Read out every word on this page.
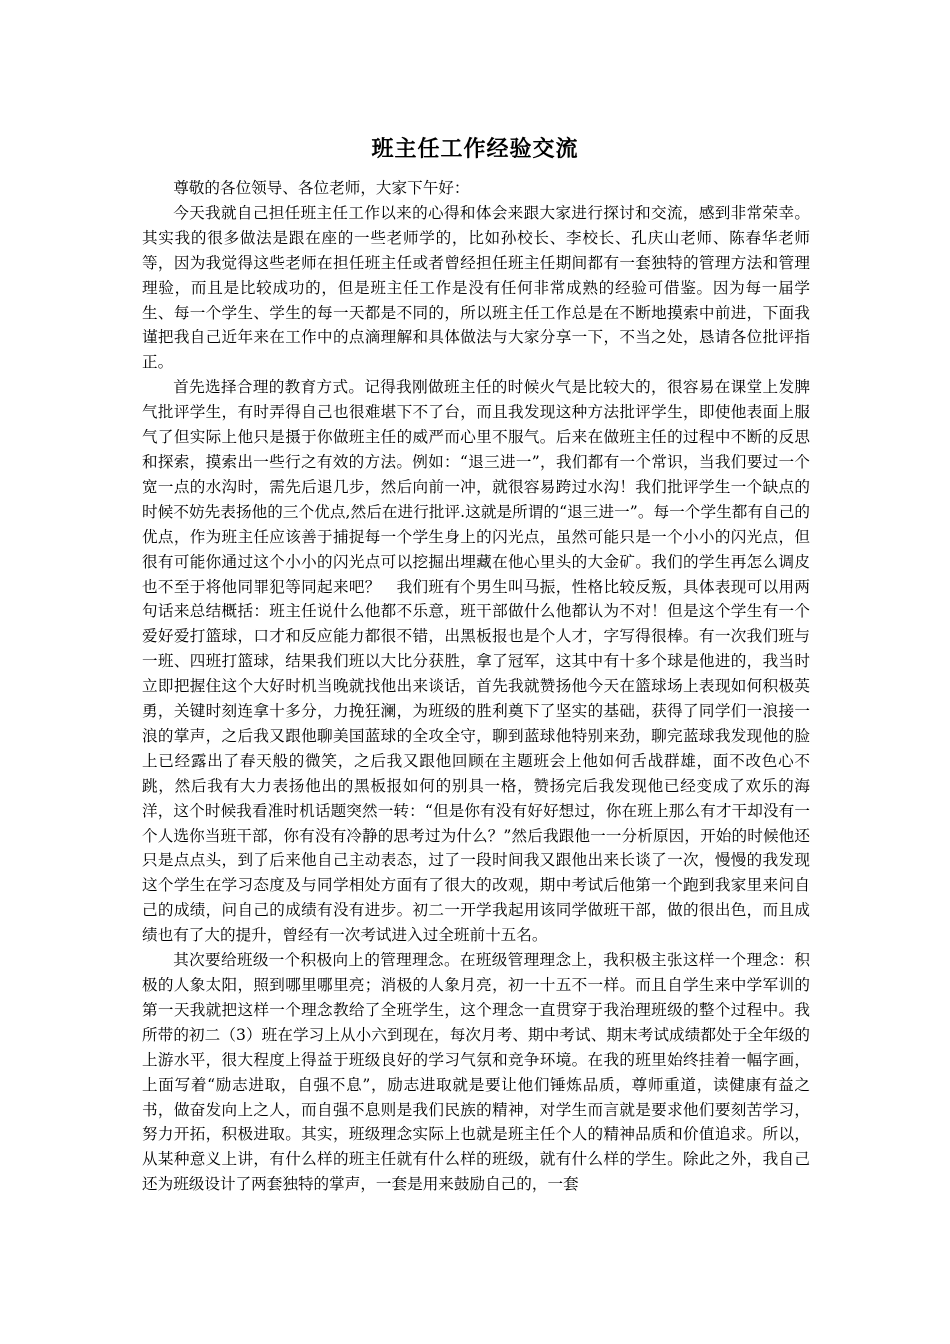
班主任工作经验交流

尊敬的各位领导、各位老师，大家下午好：

今天我就自己担任班主任工作以来的心得和体会来跟大家进行探讨和交流，感到非常荣幸。其实我的很多做法是跟在座的一些老师学的，比如孙校长、李校长、孔庆山老师、陈春华老师等，因为我觉得这些老师在担任班主任或者曾经担任班主任期间都有一套独特的管理方法和管理理验，而且是比较成功的，但是班主任工作是没有任何非常成熟的经验可借鉴。因为每一届学生、每一个学生、学生的每一天都是不同的，所以班主任工作总是在不断地摸索中前进，下面我谨把我自己近年来在工作中的点滴理解和具体做法与大家分享一下，不当之处，恳请各位批评指正。

首先选择合理的教育方式。记得我刚做班主任的时候火气是比较大的，很容易在课堂上发脾气批评学生，有时弄得自己也很难堪下不了台，而且我发现这种方法批评学生，即使他表面上服气了但实际上他只是摄于你做班主任的威严而心里不服气。后来在做班主任的过程中不断的反思和探索，摸索出一些行之有效的方法。例如：“退三进一”，我们都有一个常识，当我们要过一个宽一点的水沟时，需先后退几步，然后向前一冲，就很容易跨过水沟！我们批评学生一个缺点的时候不妨先表扬他的三个优点,然后在进行批评.这就是所谓的“退三进一”。每一个学生都有自己的优点，作为班主任应该善于捕捉每一个学生身上的闪光点，虽然可能只是一个小小的闪光点，但很有可能你通过这个小小的闪光点可以挖掘出埋藏在他心里头的大金矿。我们的学生再怎么调皮也不至于将他同罪犯等同起来吧？　我们班有个男生叫马振，性格比较反叛，具体表现可以用两句话来总结概括：班主任说什么他都不乐意，班干部做什么他都认为不对！但是这个学生有一个爱好爱打篮球，口才和反应能力都很不错，出黑板报也是个人才，字写得很棒。有一次我们班与一班、四班打篮球，结果我们班以大比分获胜，拿了冠军，这其中有十多个球是他进的，我当时立即把握住这个大好时机当晚就找他出来谈话，首先我就赞扬他今天在篮球场上表现如何积极英勇，关键时刻连拿十多分，力挽狂澜，为班级的胜利奠下了坚实的基础，获得了同学们一浪接一浪的掌声，之后我又跟他聊美国蓝球的全攻全守，聊到蓝球他特别来劲，聊完蓝球我发现他的脸上已经露出了春天般的微笑，之后我又跟他回顾在主题班会上他如何舌战群雄，面不改色心不跳，然后我有大力表扬他出的黑板报如何的别具一格，赞扬完后我发现他已经变成了欢乐的海洋，这个时候我看准时机话题突然一转：“但是你有没有好好想过，你在班上那么有才干却没有一个人选你当班干部，你有没有冷静的思考过为什么？”然后我跟他一一分析原因，开始的时候他还只是点点头，到了后来他自己主动表态，过了一段时间我又跟他出来长谈了一次，慢慢的我发现这个学生在学习态度及与同学相处方面有了很大的改观，期中考试后他第一个跑到我家里来问自己的成绩，问自己的成绩有没有进步。初二一开学我起用该同学做班干部，做的很出色，而且成绩也有了大的提升，曾经有一次考试进入过全班前十五名。

其次要给班级一个积极向上的管理理念。在班级管理理念上，我积极主张这样一个理念：积极的人象太阳，照到哪里哪里亮；消极的人象月亮，初一十五不一样。而且自学生来中学军训的第一天我就把这样一个理念教给了全班学生，这个理念一直贯穿于我治理班级的整个过程中。我所带的初二（3）班在学习上从小六到现在，每次月考、期中考试、期末考试成绩都处于全年级的上游水平，很大程度上得益于班级良好的学习气氛和竞争环境。在我的班里始终挂着一幅字画，上面写着“励志进取，自强不息”，励志进取就是要让他们锤炼品质，尊师重道，读健康有益之书，做奋发向上之人，而自强不息则是我们民族的精神，对学生而言就是要求他们要刻苦学习，努力开拓，积极进取。其实，班级理念实际上也就是班主任个人的精神品质和价值追求。所以，从某种意义上讲，有什么样的班主任就有什么样的班级，就有什么样的学生。除此之外，我自己还为班级设计了两套独特的掌声，一套是用来鼓励自己的，一套
